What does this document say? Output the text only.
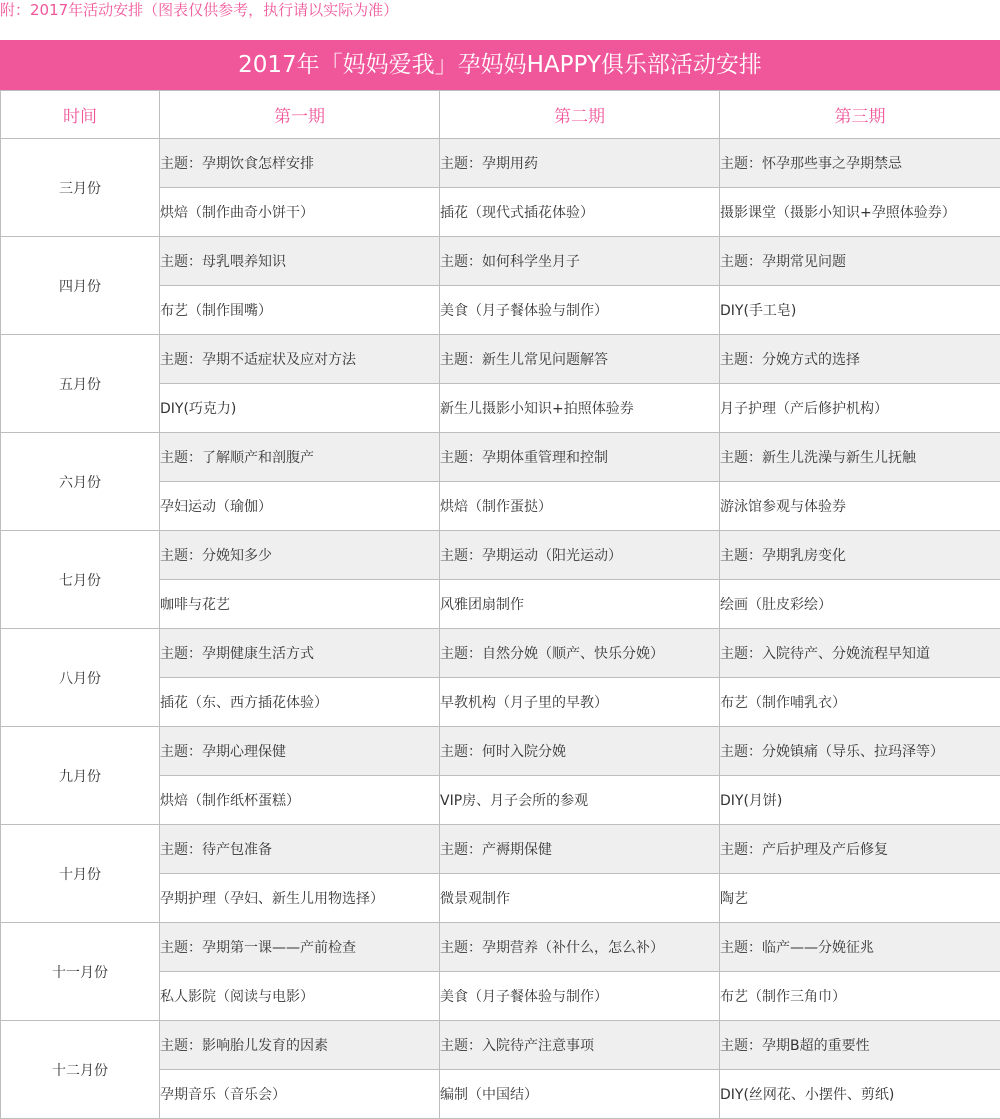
附：2017年活动安排（图表仅供参考，执行请以实际为准）
2017年「妈妈爱我」孕妈妈HAPPY俱乐部活动安排
时间	第一期	第二期	第三期
三月份	主题：孕期饮食怎样安排	主题：孕期用药	主题：怀孕那些事之孕期禁忌
	烘焙（制作曲奇小饼干）	插花（现代式插花体验）	摄影课堂（摄影小知识+孕照体验券）
四月份	主题：母乳喂养知识	主题：如何科学坐月子	主题：孕期常见问题
	布艺（制作围嘴）	美食（月子餐体验与制作）	DIY(手工皂)
五月份	主题：孕期不适症状及应对方法	主题：新生儿常见问题解答	主题：分娩方式的选择
	DIY(巧克力)	新生儿摄影小知识+拍照体验券	月子护理（产后修护机构）
六月份	主题：了解顺产和剖腹产	主题：孕期体重管理和控制	主题：新生儿洗澡与新生儿抚触
	孕妇运动（瑜伽）	烘焙（制作蛋挞）	游泳馆参观与体验券
七月份	主题：分娩知多少	主题：孕期运动（阳光运动）	主题：孕期乳房变化
	咖啡与花艺	风雅团扇制作	绘画（肚皮彩绘）
八月份	主题：孕期健康生活方式	主题：自然分娩（顺产、快乐分娩）	主题：入院待产、分娩流程早知道
	插花（东、西方插花体验）	早教机构（月子里的早教）	布艺（制作哺乳衣）
九月份	主题：孕期心理保健	主题：何时入院分娩	主题：分娩镇痛（导乐、拉玛泽等）
	烘焙（制作纸杯蛋糕）	VIP房、月子会所的参观	DIY(月饼)
十月份	主题：待产包准备	主题：产褥期保健	主题：产后护理及产后修复
	孕期护理（孕妇、新生儿用物选择）	微景观制作	陶艺
十一月份	主题：孕期第一课——产前检查	主题：孕期营养（补什么，怎么补）	主题：临产——分娩征兆
	私人影院（阅读与电影）	美食（月子餐体验与制作）	布艺（制作三角巾）
十二月份	主题：影响胎儿发育的因素	主题：入院待产注意事项	主题：孕期B超的重要性
	孕期音乐（音乐会）	编制（中国结）	DIY(丝网花、小摆件、剪纸)
